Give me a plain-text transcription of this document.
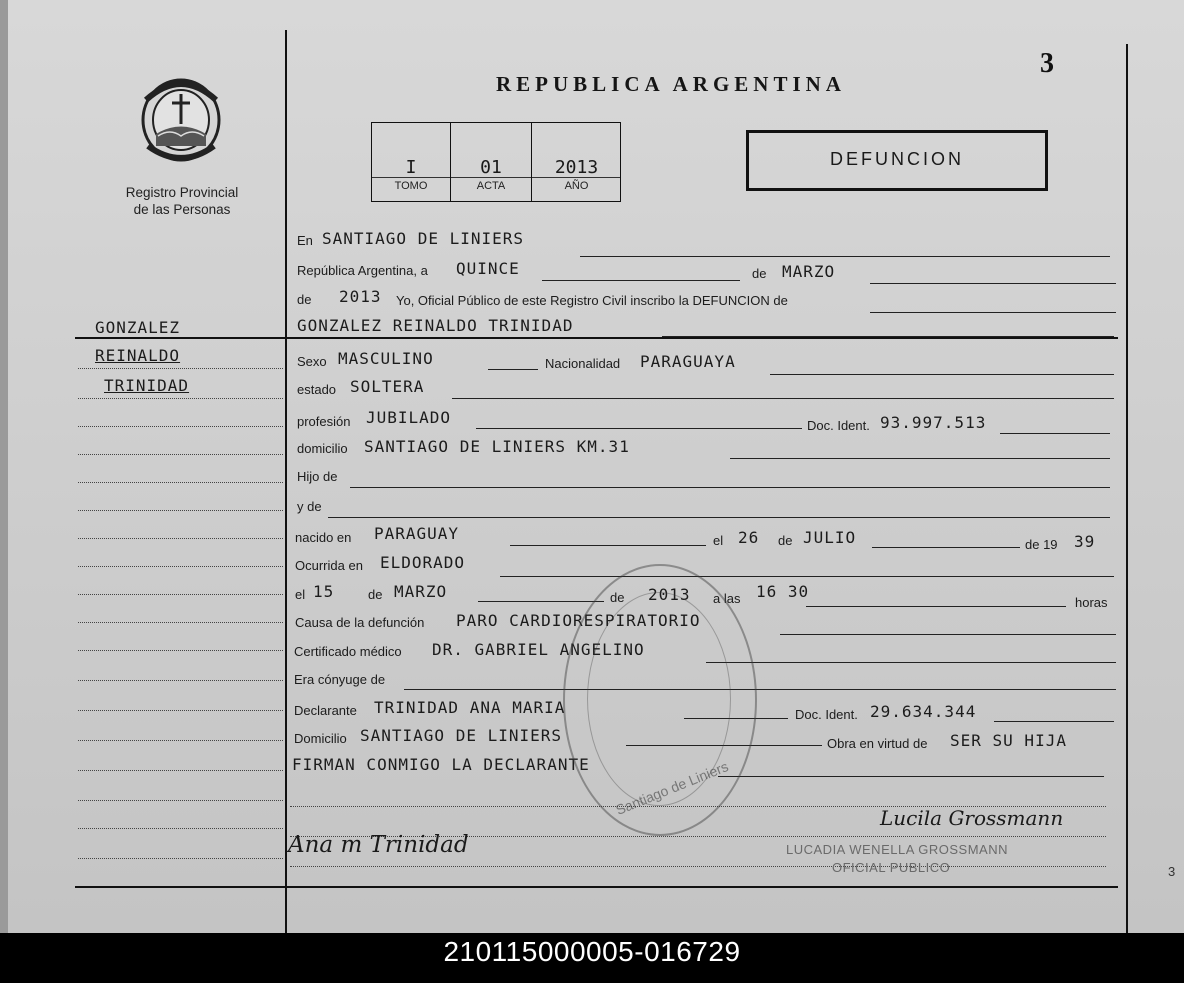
3
3
Registro Provincial
de las Personas
REPUBLICA ARGENTINA
I
TOMO
01
ACTA
2013
AÑO
DEFUNCION
GONZALEZ
REINALDO
TRINIDAD
En SANTIAGO DE LINIERS
República Argentina, a QUINCE	de MARZO
de 2013 Yo, Oficial Público de este Registro Civil inscribo la DEFUNCION de
GONZALEZ REINALDO TRINIDAD
Sexo MASCULINO	Nacionalidad PARAGUAYA
estado SOLTERA
profesión JUBILADO	Doc. Ident. 93.997.513
domicilio SANTIAGO DE LINIERS KM.31
Hijo de
y de
nacido en PARAGUAY	el 26 de JULIO	de 19 39
Ocurrida en ELDORADO
el 15	de MARZO	de 2013 a las 16 30
horas
Causa de la defunción PARO CARDIORESPIRATORIO
Certificado médico DR. GABRIEL ANGELINO
Era cónyuge de
Declarante TRINIDAD ANA MARIA	Doc. Ident. 29.634.344
Domicilio SANTIAGO DE LINIERS	Obra en virtud de SER SU HIJA
FIRMAN CONMIGO LA DECLARANTE Santiago de Liniers
Ana m Trinidad
Lucila Grossmann
LUCADIA WENELLA GROSSMANN
OFICIAL PUBLICO
210115000005-016729
